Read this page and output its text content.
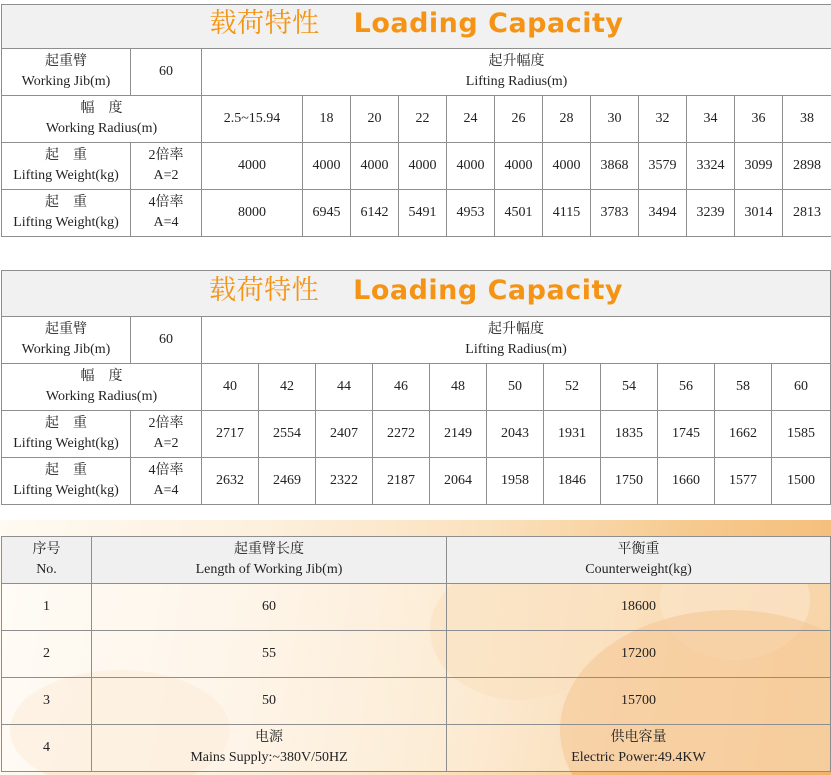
载荷特性 Loading Capacity													

起重臂
Working Jib(m)	60	起升幅度
Lifting Radius(m)											

幅　度
Working Radius(m)		2.5~15.94	18	20	22	24	26	28	30	32	34	36	38

起　重
Lifting Weight(kg)	2倍率
A=2	4000	4000	4000	4000	4000	4000	4000	3868	3579	3324	3099	2898

起　重
Lifting Weight(kg)	4倍率
A=4	8000	6945	6142	5491	4953	4501	4115	3783	3494	3239	3014	2813
载荷特性 Loading Capacity												

起重臂
Working Jib(m)	60	起升幅度
Lifting Radius(m)										

幅　度
Working Radius(m)		40	42	44	46	48	50	52	54	56	58	60

起　重
Lifting Weight(kg)	2倍率
A=2	2717	2554	2407	2272	2149	2043	1931	1835	1745	1662	1585

起　重
Lifting Weight(kg)	4倍率
A=4	2632	2469	2322	2187	2064	1958	1846	1750	1660	1577	1500
序号
No.	起重臂长度
Length of Working Jib(m)	平衡重
Counterweight(kg)

1	60	18600
2	55	17200
3	50	15700
4	电源
Mains Supply:~380V/50HZ	供电容量
Electric Power:49.4KW
